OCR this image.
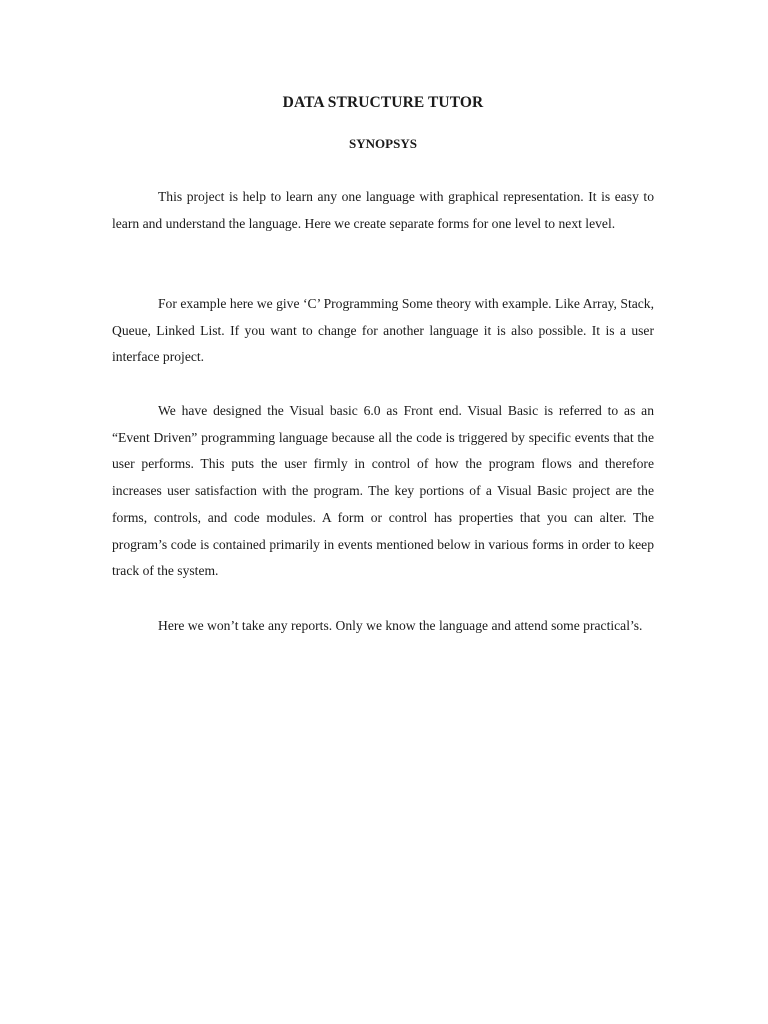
DATA STRUCTURE TUTOR
SYNOPSYS

This project is help to learn any one language with graphical representation. It is easy to learn and understand the language. Here we create separate forms for one level to next level.

For example here we give ‘C’ Programming Some theory with example. Like Array, Stack, Queue, Linked List. If you want to change for another language it is also possible. It is a user interface project.

We have designed the Visual basic 6.0 as Front end. Visual Basic is referred to as an “Event Driven” programming language because all the code is triggered by specific events that the user performs. This puts the user firmly in control of how the program flows and therefore increases user satisfaction with the program. The key portions of a Visual Basic project are the forms, controls, and code modules. A form or control has properties that you can alter. The program’s code is contained primarily in events mentioned below in various forms in order to keep track of the system.

Here we won’t take any reports. Only we know the language and attend some practical’s.
